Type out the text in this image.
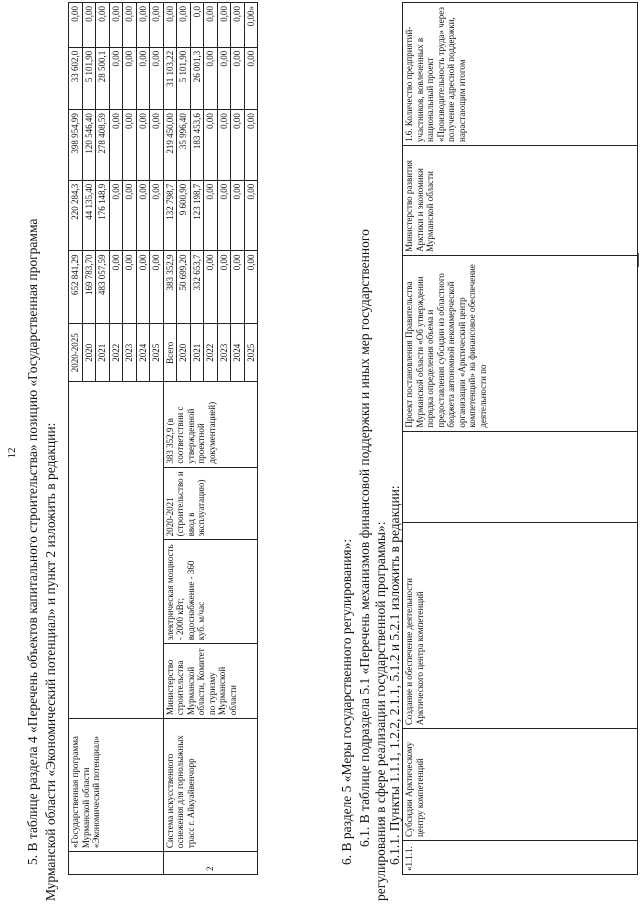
12 5. В таблице раздела 4 «Перечень объектов капитального строительства» позицию «Государственная программа Мурманской области «Экономический потенциал» и пункт 2 изложить в редакции:
	«Государственная программа Мурманской области «Экономический потенциал»					2020-2025	652 841,29	220 284,3	398 954,99	33 602,0	0,00
						2020	169 783,70	44 135,40	120 546,40	5 101,90	0,00
						2021	483 057,59	176 148,9	278 408,59	28 500,1	0,00
						2022	0,00	0,00	0,00	0,00	0,00
						2023	0,00	0,00	0,00	0,00	0,00
						2024	0,00	0,00	0,00	0,00	0,00
						2025	0,00	0,00	0,00	0,00	0,00
2	Система искусственного оснежения для горнолыжных трасс г. Айкуайвенчорр	Министерство строительства Мурманской области, Комитет по туризму Мурманской области	электрическая мощность - 2000 кВт; водоснабжение - 360 куб. м/час	2020-2021 (строительство и ввод в эксплуатацию)	383 352,9 (в соответствии с утвержденной проектной документацией)	Всего	383 352,9	132 798,7	219 450,00	31 103,22	0,00
						2020	50 699,20	9 600,90	35 996,40	5 101,90	0,00
						2021	332 653,7	123 198,7	183 453,6	26 001,3	0,0
						2022	0,00	0,00	0,00	0,00	0,00
						2023	0,00	0,00	0,00	0,00	0,00
						2024	0,00	0,00	0,00	0,00	0,00
						2025	0,00	0,00	0,00	0,00	0,00»
6. В разделе 5 «Меры государственного регулирования»: 6.1. В таблице подраздела 5.1 «Перечень механизмов финансовой поддержки и иных мер государственного регулирования в сфере реализации государственной программы»: 6.1.1. Пункты 1.1.1, 1.2.2, 2.1.1, 5.1.2 и 5.2.1 изложить в редакции: «1.1.1.	Субсидии Арктическому центру компетенций	Создание и обеспечение деятельности Арктического центра компетенций		Проект постановления Правительства Мурманской области «Об утверждении порядка определения объема и предоставления субсидии из областного бюджета автономной некоммерческой организации «Арктический центр компетенций» на финансовое обеспечение деятельности по	Министерство развития Арктики и экономики Мурманской области	1.6. Количество предприятий-участников, вовлеченных в национальный проект «Производительность труда» через получение адресной поддержки, нарастающим итогом
